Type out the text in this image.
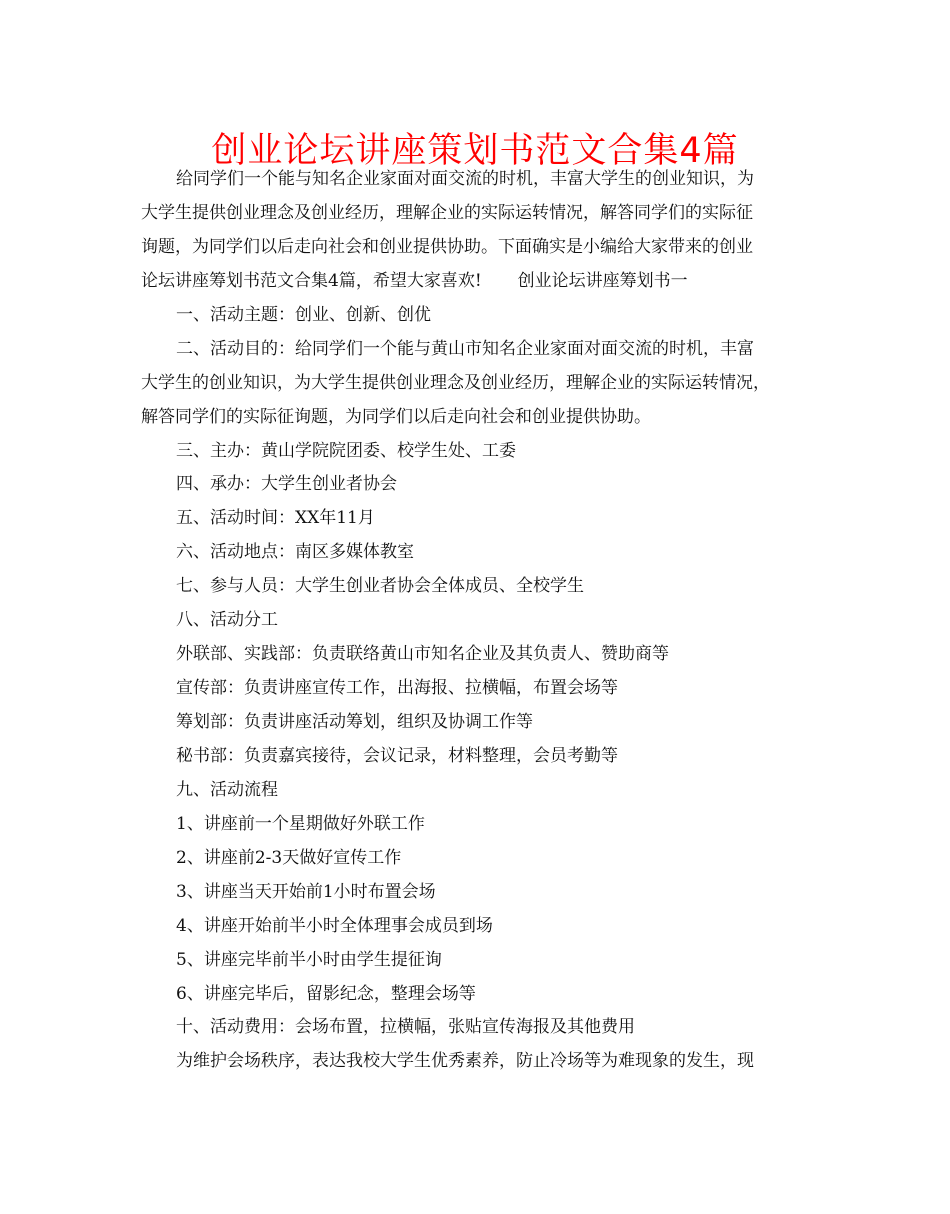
创业论坛讲座策划书范文合集4篇
给同学们一个能与知名企业家面对面交流的时机，丰富大学生的创业知识，为
大学生提供创业理念及创业经历，理解企业的实际运转情况，解答同学们的实际征
询题，为同学们以后走向社会和创业提供协助。下面确实是小编给大家带来的创业
论坛讲座筹划书范文合集4篇，希望大家喜欢! 创业论坛讲座筹划书一
一、活动主题：创业、创新、创优
二、活动目的：给同学们一个能与黄山市知名企业家面对面交流的时机，丰富
大学生的创业知识，为大学生提供创业理念及创业经历，理解企业的实际运转情况，
解答同学们的实际征询题，为同学们以后走向社会和创业提供协助。
三、主办：黄山学院院团委、校学生处、工委
四、承办：大学生创业者协会
五、活动时间：XX年11月
六、活动地点：南区多媒体教室
七、参与人员：大学生创业者协会全体成员、全校学生
八、活动分工
外联部、实践部：负责联络黄山市知名企业及其负责人、赞助商等
宣传部：负责讲座宣传工作，出海报、拉横幅，布置会场等
筹划部：负责讲座活动筹划，组织及协调工作等
秘书部：负责嘉宾接待，会议记录，材料整理，会员考勤等
九、活动流程
1、讲座前一个星期做好外联工作
2、讲座前2-3天做好宣传工作
3、讲座当天开始前1小时布置会场
4、讲座开始前半小时全体理事会成员到场
5、讲座完毕前半小时由学生提征询
6、讲座完毕后，留影纪念，整理会场等
十、活动费用：会场布置，拉横幅，张贴宣传海报及其他费用
为维护会场秩序，表达我校大学生优秀素养，防止冷场等为难现象的发生，现
